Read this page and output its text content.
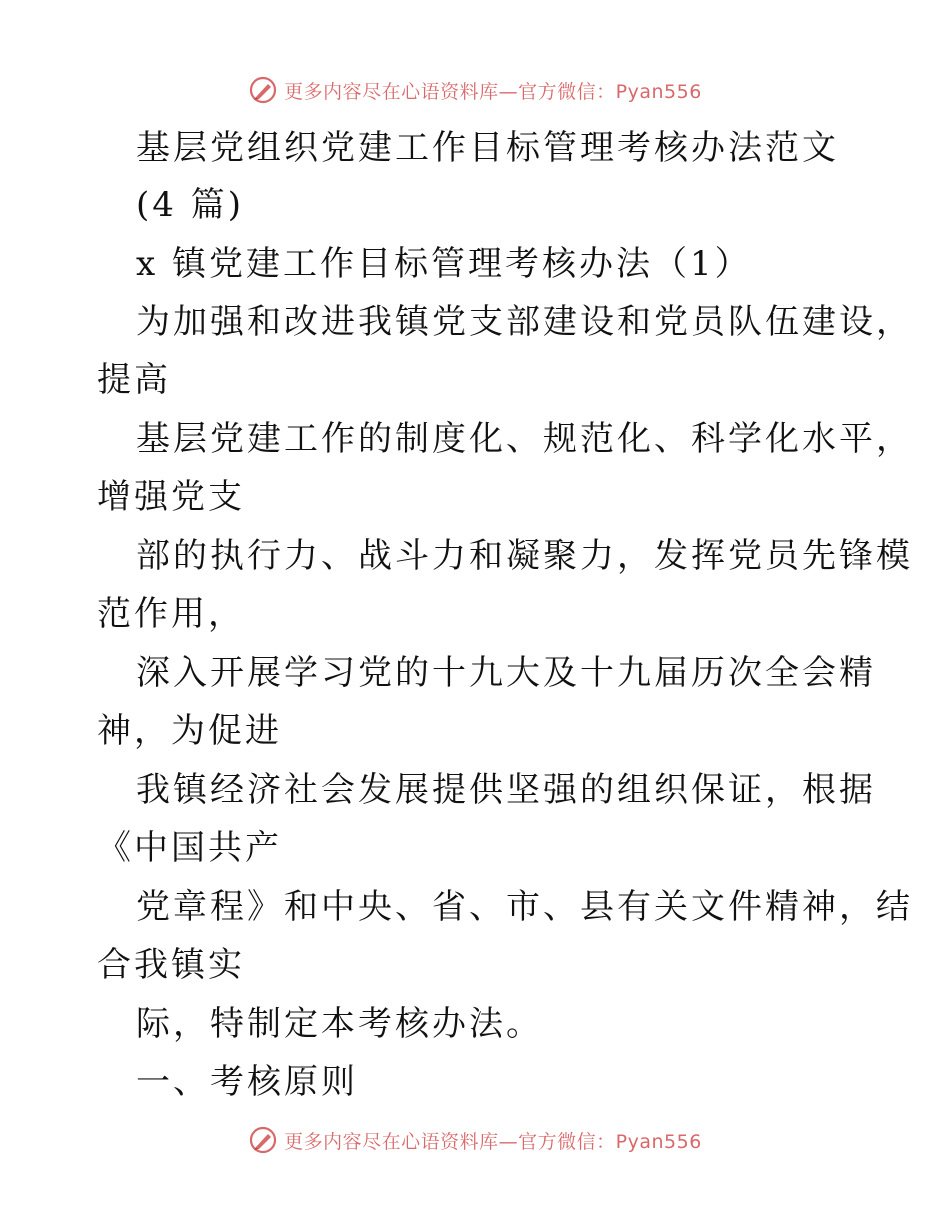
更多内容尽在心语资料库—官方微信：Pyan556
基层党组织党建工作目标管理考核办法范文
(4 篇)
x 镇党建工作目标管理考核办法（1）
为加强和改进我镇党支部建设和党员队伍建设，
提高
基层党建工作的制度化、规范化、科学化水平，
增强党支
部的执行力、战斗力和凝聚力，发挥党员先锋模
范作用，
深入开展学习党的十九大及十九届历次全会精
神，为促进
我镇经济社会发展提供坚强的组织保证，根据
《中国共产
党章程》和中央、省、市、县有关文件精神，结
合我镇实
际，特制定本考核办法。
一、考核原则
更多内容尽在心语资料库—官方微信：Pyan556
